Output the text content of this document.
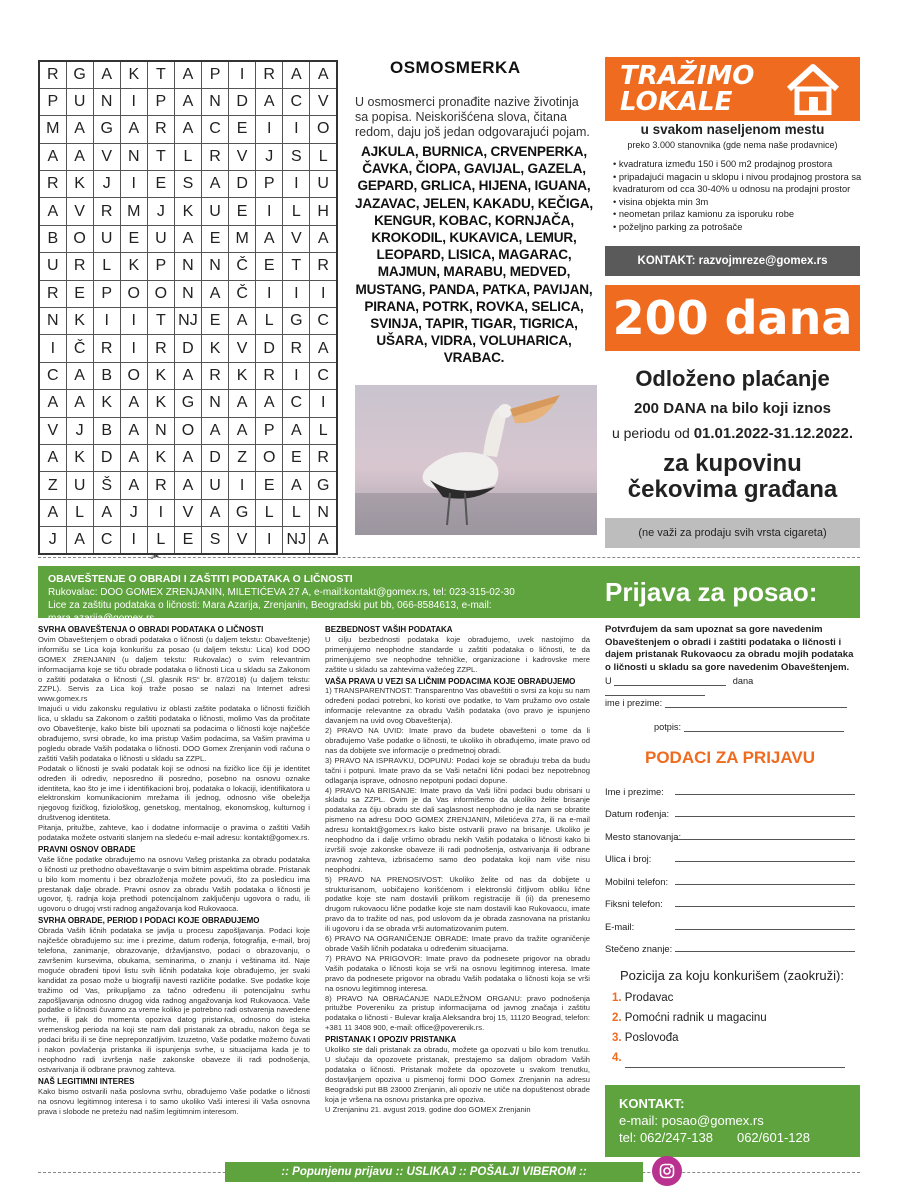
R	G	A	K	T	A	P	I	R	A	A
P	U	N	I	P	A	N	D	A	C	V
M	A	G	A	R	A	C	E	I	I	O
A	A	V	N	T	L	R	V	J	S	L
R	K	J	I	E	S	A	D	P	I	U
A	V	R	M	J	K	U	E	I	L	H
B	O	U	E	U	A	E	M	A	V	A
U	R	L	K	P	N	N	Č	E	T	R
R	E	P	O	O	N	A	Č	I	I	I
N	K	I	I	T	NJ	E	A	L	G	C
I	Č	R	I	R	D	K	V	D	R	A
C	A	B	O	K	A	R	K	R	I	C
A	A	K	A	K	G	N	A	A	C	I
V	J	B	A	N	O	A	A	P	A	L
A	K	D	A	K	A	D	Z	O	E	R
Z	U	Š	A	R	A	U	I	E	A	G
A	L	A	J	I	V	A	G	L	L	N
J	A	C	I	L	E	S	V	I	NJ	A
OSMOSMERKA
U osmosmerci pronađite nazive životinja sa popisa. Neiskorišćena slova, čitana redom, daju još jedan odgovarajući pojam.
AJKULA, BURNICA, CRVENPERKA, ČAVKA, ČIOPA, GAVIJAL, GAZELA, GEPARD, GRLICA, HIJENA, IGUANA, JAZAVAC, JELEN, KAKADU, KEČIGA, KENGUR, KOBAC, KORNJAČA, KROKODIL, KUKAVICA, LEMUR, LEOPARD, LISICA, MAGARAC, MAJMUN, MARABU, MEDVED, MUSTANG, PANDA, PATKA, PAVIJAN, PIRANA, POTRK, ROVKA, SELICA, SVINJA, TAPIR, TIGAR, TIGRICA, UŠARA, VIDRA, VOLUHARICA, VRABAC.
TRAŽIMO
LOKALE
u svakom naseljenom mestu
preko 3.000 stanovnika (gde nema naše prodavnice)
• kvadratura između 150 i 500 m2 prodajnog prostora
• pripadajući magacin u sklopu i nivou prodajnog prostora sa kvadraturom od cca 30-40% u odnosu na prodajni prostor
• visina objekta min 3m
• neometan prilaz kamionu za isporuku robe
• poželjno parking za potrošače
KONTAKT: razvojmreze@gomex.rs
200 dana
Odloženo plaćanje
200 DANA na bilo koji iznos
u periodu od 01.01.2022-31.12.2022.
za kupovinu
čekovima građana
(ne važi za prodaju svih vrsta cigareta)
✂
OBAVEŠTENJE O OBRADI I ZAŠTITI PODATAKA O LIČNOSTI
Rukovalac: DOO GOMEX ZRENJANIN, MILETIĆEVA 27 A, e-mail:kontakt@gomex.rs, tel: 023-315-02-30
Lice za zaštitu podataka o ličnosti: Mara Azarija, Zrenjanin, Beogradski put bb, 066-8584613, e-mail: mara.azarija@gomex.rs
Prijava za posao:
SVRHA OBAVEŠTENJA O OBRADI PODATAKA O LIČNOSTI

Ovim Obaveštenjem o obradi podataka o ličnosti (u daljem tekstu: Obaveštenje) informišu se Lica koja konkurišu za posao (u daljem tekstu: Lica) kod DOO GOMEX ZRENJANIN (u daljem tekstu: Rukovalac) o svim relevantnim informacijama koje se tiču obrade podataka o ličnosti Lica u skladu sa Zakonom o zaštiti podataka o ličnosti („Sl. glasnik RS“ br. 87/2018) (u daljem tekstu: ZZPL). Servis za Lica koji traže posao se nalazi na Internet adresi www.gomex.rs

Imajući u vidu zakonsku regulativu iz oblasti zaštite podataka o ličnosti fizičkih lica, u skladu sa Zakonom o zaštiti podataka o ličnosti, molimo Vas da pročitate ovo Obaveštenje, kako biste bili upoznati sa podacima o ličnosti koje najčešće obrađujemo, svrsi obrade, ko ima pristup Vašim podacima, sa Vašim pravima u pogledu obrade Vaših podataka o ličnosti. DOO Gomex Zrenjanin vodi računa o zaštiti Vaših podataka o ličnosti u skladu sa ZZPL.

Podatak o ličnosti je svaki podatak koji se odnosi na fizičko lice čiji je identitet određen ili odrediv, neposredno ili posredno, posebno na osnovu oznake identiteta, kao što je ime i identifikacioni broj, podataka o lokaciji, identifikatora u elektronskim komunikacionim mrežama ili jednog, odnosno više obeležja njegovog fizičkog, fiziološkog, genetskog, mentalnog, ekonomskog, kulturnog i društvenog identiteta.

Pitanja, pritužbe, zahteve, kao i dodatne informacije o pravima o zaštiti Vaših podataka možete ostvariti slanjem na sledeću e-mail adresu: kontakt@gomex.rs.

PRAVNI OSNOV OBRADE

Vaše lične podatke obrađujemo na osnovu Vašeg pristanka za obradu podataka o ličnosti uz prethodno obaveštavanje o svim bitnim aspektima obrade. Pristanak u bilo kom momentu i bez obrazloženja možete povući, što za posledicu ima prestanak dalje obrade. Pravni osnov za obradu Vaših podataka o ličnosti je ugovor, tj. radnja koja prethodi potencijalnom zaključenju ugovora o radu, ili ugovoru o drugoj vrsti radnog angažovanja kod Rukovaoca.

SVRHA OBRADE, PERIOD I PODACI KOJE OBRAĐUJEMO

Obrada Vaših ličnih podataka se javlja u procesu zapošljavanja. Podaci koje najčešće obrađujemo su: ime i prezime, datum rođenja, fotografija, e-mail, broj telefona, zanimanje, obrazovanje, državljanstvo, podaci o obrazovanju, o završenim kursevima, obukama, seminarima, o znanju i veštinama itd. Naje moguće obrađeni tipovi listu svih ličnih podataka koje obrađujemo, jer svaki kandidat za posao može u biografiji navesti različite podatke. Sve podatke koje tražimo od Vas, prikupljamo za tačno određenu ili potencijalnu svrhu zapošljavanja odnosno drugog vida radnog angažovanja kod Rukovaoca. Vaše podatke o ličnosti čuvamo za vreme koliko je potrebno radi ostvarenja navedene svrhe, ili pak do momenta opoziva datog pristanka, odnosno do isteka vremenskog perioda na koji ste nam dali pristanak za obradu, nakon čega se podaci brišu ili se čine nepreponzatljivim. Izuzetno, Vaše podatke možemo čuvati i nakon povlačenja pristanka ili ispunjenja svrhe, u situacijama kada je to neophodno radi izvršenja naše zakonske obaveze ili radi podnošenja, ostvarivanja ili odbrane pravnog zahteva.

NAŠ LEGITIMNI INTERES

Kako bismo ostvarili naša poslovna svrhu, obrađujemo Vaše podatke o ličnosti na osnovu legitimnog interesa i to samo ukoliko Vaši interesi ili Vaša osnovna prava i slobode ne preteżu nad našim legitimnim interesom.

BEZBEDNOST VAŠIH PODATAKA

U cilju bezbednosti podataka koje obrađujemo, uvek nastojimo da primenjujemo neophodne standarde u zaštiti podataka o ličnosti, te da primenjujemo sve neophodne tehničke, organizacione i kadrovske mere zaštite u skladu sa zahtevima važećeg ZZPL.

VAŠA PRAVA U VEZI SA LIČNIM PODACIMA KOJE OBRAĐUJEMO

1) TRANSPARENTNOST: Transparentno Vas obaveštiti o svrsi za koju su nam određeni podaci potrebni, ko koristi ove podatke, to Vam pružamo ovo ostale informacije relevantne za obradu Vaših podataka (ovo pravo je ispunjeno davanjem na uvid ovog Obaveštenja).

2) PRAVO NA UVID: Imate pravo da budete obavešteni o tome da li obrađujemo Vaše podatke o ličnosti, te ukoliko ih obrađujemo, imate pravo od nas da dobijete sve informacije o predmetnoj obradi.

3) PRAVO NA ISPRAVKU, DOPUNU: Podaci koje se obrađuju treba da budu tačni i potpuni. Imate pravo da se Vaši netačni lični podaci bez nepotrebnog odlaganja isprave, odnosno nepotpuni podaci dopune.

4) PRAVO NA BRISANJE: Imate pravo da Vaši lični podaci budu obrisani u skladu sa ZZPL. Ovim je da Vas informišemo da ukoliko želite brisanje podataka za čiju obradu ste dali saglasnost neophodno je da nam se obratite pismeno na adresu DOO GOMEX ZRENJANIN, Miletićeva 27a, ili na e-mail adresu kontakt@gomex.rs kako biste ostvarili pravo na brisanje. Ukoliko je neophodno da i dalje vršimo obradu nekih Vaših podataka o ličnosti kako bi izvršili svoje zakonske obaveze ili radi podnošenja, ostvarivanja ili odbrane pravnog zahteva, izbrisaćemo samo deo podataka koji nam više nisu neophodni.

5) PRAVO NA PRENOSIVOST: Ukoliko želite od nas da dobijete u strukturisanom, uobičajeno korišćenom i elektronski čitljivom obliku lične podatke koje ste nam dostavili prilikom registracije ili (ii) da prenesemo drugom rukovaocu lične podatke koje ste nam dostavili kao Rukovaocu, imate pravo da to tražite od nas, pod uslovom da je obrada zasnovana na pristanku ili ugovoru i da se obrada vrši automatizovanim putem.

6) PRAVO NA OGRANIČENJE OBRADE: Imate pravo da tražite ograničenje obrade Vaših ličnih podataka u određenim situacijama.

7) PRAVO NA PRIGOVOR: Imate pravo da podnesete prigovor na obradu Vaših podataka o ličnosti koja se vrši na osnovu legitimnog interesa. Imate pravo da podnesete prigovor na obradu Vaših podataka o ličnosti koja se vrši na osnovu legitimnog interesa.

8) PRAVO NA OBRAĆANJE NADLEŽNOM ORGANU: pravo podnošenja pritužbe Povereniku za pristup informacijama od javnog značaja i zaštitu podataka o ličnosti - Bulevar kralja Aleksandra broj 15, 11120 Beograd, telefon: +381 11 3408 900, e-mail: office@poverenik.rs.

PRISTANAK I OPOZIV PRISTANKA

Ukoliko ste dali pristanak za obradu, možete ga opozvati u bilo kom trenutku. U slučaju da opozovete pristanak, prestajemo sa daljom obradom Vaših podataka o ličnosti. Pristanak možete da opozovete u svakom trenutku, dostavljanjem opoziva u pismenoj formi DOO Gomex Zrenjanin na adresu Beogradski put BB 23000 Zrenjanin, ali opoziv ne utiče na dopuštenost obrade koja je vršena na osnovu pristanka pre opoziva.

U Zrenjaninu 21. avgust 2019. godine doo GOMEX Zrenjanin

Potvrđujem da sam upoznat sa gore navedenim Obaveštenjem o obradi i zaštiti podataka o ličnosti i dajem pristanak Rukovaocu za obradu mojih podataka o ličnosti u skladu sa gore navedenim Obaveštenjem.
U	dana
ime i prezime:
potpis:
PODACI ZA PRIJAVU
Ime i prezime:
Datum rođenja:
Mesto stanovanja:
Ulica i broj:
Mobilni telefon:
Fiksni telefon:
E-mail:
Stečeno znanje:
Pozicija za koju konkurišem (zaokruži):
1. Prodavac
2. Pomoćni radnik u magacinu
3. Poslovođa
4.
KONTAKT:
e-mail: posao@gomex.rs
tel: 062/247-138 062/601-128
:: Popunjenu prijavu :: USLIKAJ :: POŠALJI VIBEROM ::
